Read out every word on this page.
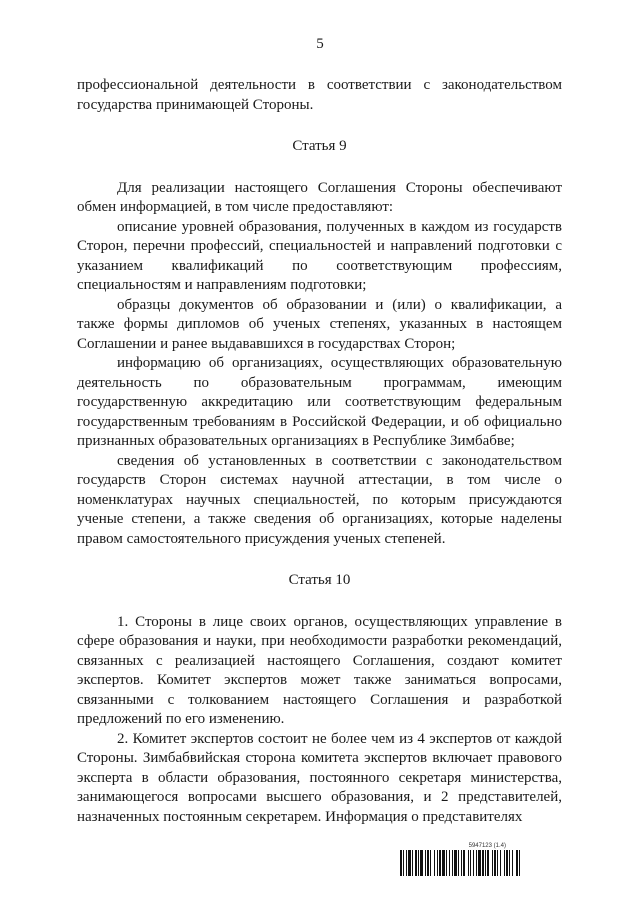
5

профессиональной деятельности в соответствии с законодательством государства принимающей Стороны.

Статья 9

Для реализации настоящего Соглашения Стороны обеспечивают обмен информацией, в том числе предоставляют:

описание уровней образования, полученных в каждом из государств Сторон, перечни профессий, специальностей и направлений подготовки с указанием квалификаций по соответствующим профессиям, специальностям и направлениям подготовки;

образцы документов об образовании и (или) о квалификации, а также формы дипломов об ученых степенях, указанных в настоящем Соглашении и ранее выдававшихся в государствах Сторон;

информацию об организациях, осуществляющих образовательную деятельность по образовательным программам, имеющим государственную аккредитацию или соответствующим федеральным государственным требованиям в Российской Федерации, и об официально признанных образовательных организациях в Республике Зимбабве;

сведения об установленных в соответствии с законодательством государств Сторон системах научной аттестации, в том числе о номенклатурах научных специальностей, по которым присуждаются ученые степени, а также сведения об организациях, которые наделены правом самостоятельного присуждения ученых степеней.

Статья 10

1. Стороны в лице своих органов, осуществляющих управление в сфере образования и науки, при необходимости разработки рекомендаций, связанных с реализацией настоящего Соглашения, создают комитет экспертов. Комитет экспертов может также заниматься вопросами, связанными с толкованием настоящего Соглашения и разработкой предложений по его изменению.

2. Комитет экспертов состоит не более чем из 4 экспертов от каждой Стороны. Зимбабвийская сторона комитета экспертов включает правового эксперта в области образования, постоянного секретаря министерства, занимающегося вопросами высшего образования, и 2 представителей, назначенных постоянным секретарем. Информация о представителях

5947123 (1.4)
